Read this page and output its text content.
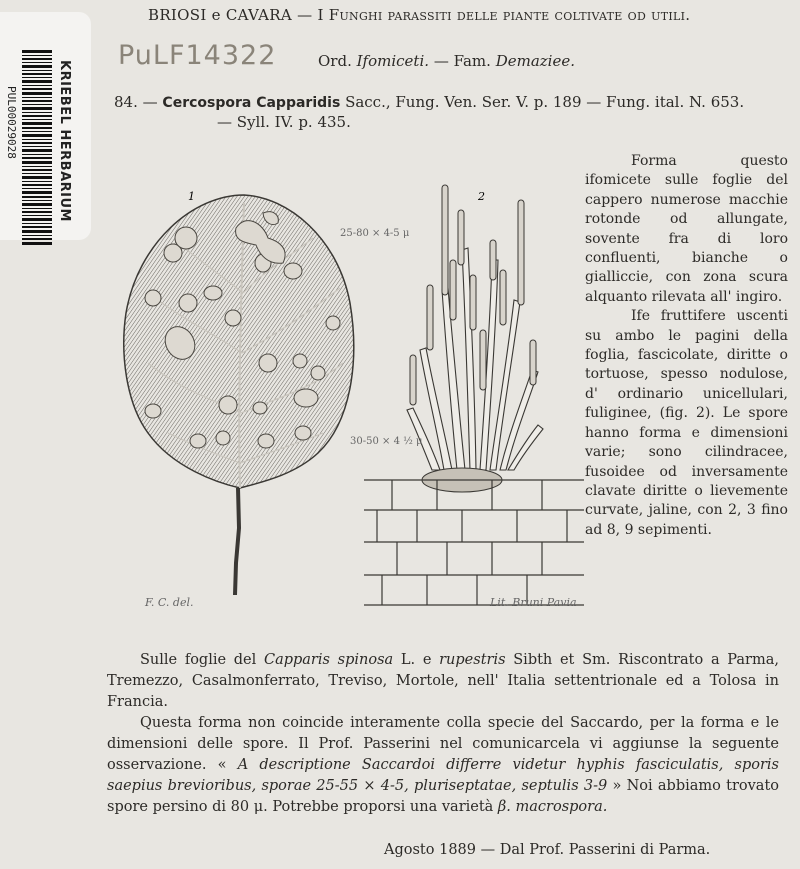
PUL00029028	KRIEBEL HERBARIUM
PuLF14322
BRIOSI e CAVARA — I Funghi parassiti delle piante coltivate od utili.
Ord. Ifomiceti. — Fam. Demaziee.
84. — Cercospora Capparidis Sacc., Fung. Ven. Ser. V. p. 189 — Fung. ital. N. 653.
— Syll. IV. p. 435.
1	2
25-80 × 4-5 μ
30-50 × 4 ½ μ
F. C. del.	Lit. Bruni Pavia

Forma questo ifomicete sulle foglie del cappero numerose macchie rotonde od allungate, sovente fra di loro confluenti, bianche o gialliccie, con zona scura alquanto rilevata all' ingiro.

Ife fruttifere uscenti su ambo le pagini della foglia, fascicolate, diritte o tortuose, spesso nodulose, d' ordinario unicellulari, fuliginee, (fig. 2). Le spore hanno forma e dimensioni varie; sono cilindracee, fusoidee od inversamente clavate diritte o lievemente curvate, jaline, con 2, 3 fino ad 8, 9 sepimenti.

Sulle foglie del Capparis spinosa L. e rupestris Sibth et Sm. Riscontrato a Parma, Tremezzo, Casalmonferrato, Treviso, Mortole, nell' Italia settentrionale ed a Tolosa in Francia.

Questa forma non coincide interamente colla specie del Saccardo, per la forma e le dimensioni delle spore. Il Prof. Passerini nel comunicarcela vi aggiunse la seguente osservazione. « A descriptione Saccardoi differre videtur hyphis fasciculatis, sporis saepius brevioribus, sporae 25-55 × 4-5, pluriseptatae, septulis 3-9 » Noi abbiamo trovato spore persino di 80 μ. Potrebbe proporsi una varietà β. macrospora.

Agosto 1889 — Dal Prof. Passerini di Parma.
